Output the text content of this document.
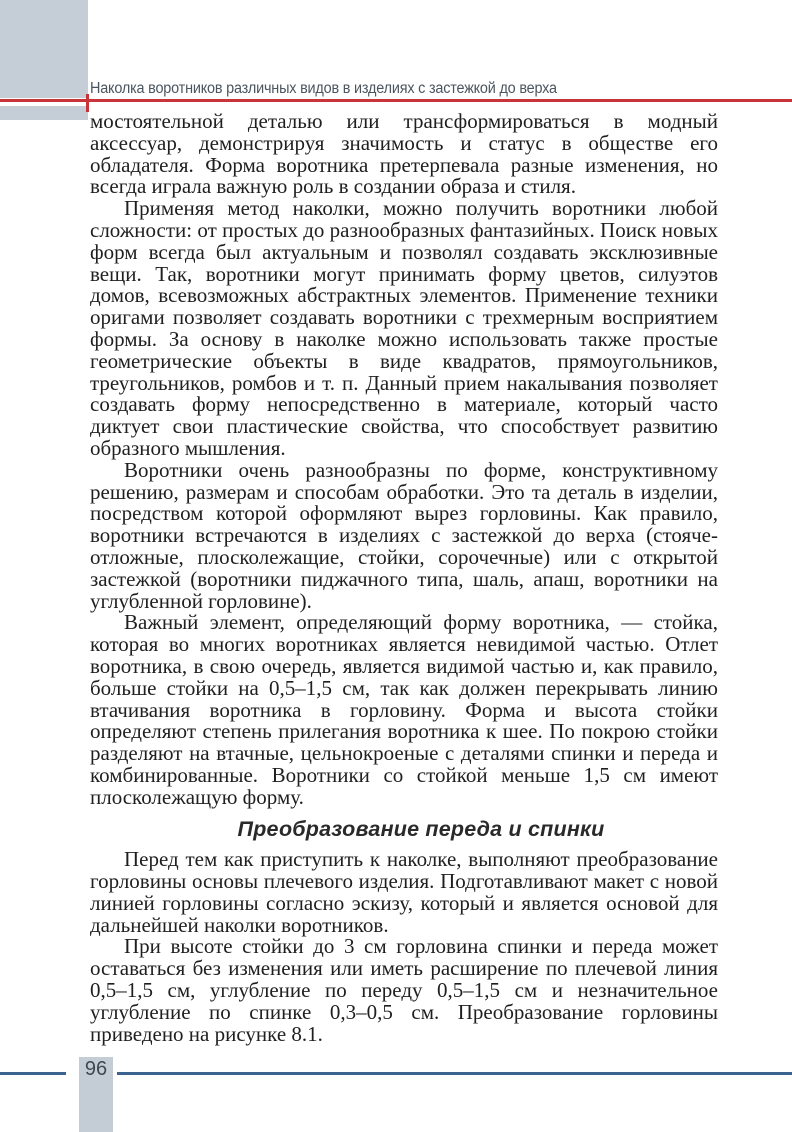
Наколка воротников различных видов в изделиях с застежкой до верха

мостоятельной деталью или трансформироваться в модный аксессуар, демонстрируя значимость и статус в обществе его обладателя. Форма воротника претерпевала разные изменения, но всегда играла важную роль в создании образа и стиля.

Применяя метод наколки, можно получить воротники любой сложности: от простых до разнообразных фантазийных. Поиск новых форм всегда был актуальным и позволял создавать эксклюзивные вещи. Так, воротники могут принимать форму цветов, силуэтов домов, всевозможных абстрактных элементов. Применение техники оригами позволяет создавать воротники с трехмерным восприятием формы. За основу в наколке можно использовать также простые геометрические объекты в виде квадратов, прямоугольников, треугольников, ромбов и т. п. Данный прием накалывания позволяет создавать форму непосредственно в материале, который часто диктует свои пластические свойства, что способствует развитию образного мышления.

Воротники очень разнообразны по форме, конструктивному решению, размерам и способам обработки. Это та деталь в изделии, посредством которой оформляют вырез горловины. Как правило, воротники встречаются в изделиях с застежкой до верха (стояче-отложные, плосколежащие, стойки, сорочечные) или с открытой застежкой (воротники пиджачного типа, шаль, апаш, воротники на углубленной горловине).

Важный элемент, определяющий форму воротника, — стойка, которая во многих воротниках является невидимой частью. Отлет воротника, в свою очередь, является видимой частью и, как правило, больше стойки на 0,5–1,5 см, так как должен перекрывать линию втачивания воротника в горловину. Форма и высота стойки определяют степень прилегания воротника к шее. По покрою стойки разделяют на втачные, цельнокроеные с деталями спинки и переда и комбинированные. Воротники со стойкой меньше 1,5 см имеют плосколежащую форму.

Преобразование переда и спинки

Перед тем как приступить к наколке, выполняют преобразование горловины основы плечевого изделия. Подготавливают макет с новой линией горловины согласно эскизу, который и является основой для дальнейшей наколки воротников.

При высоте стойки до 3 см горловина спинки и переда может оставаться без изменения или иметь расширение по плечевой линия 0,5–1,5 см, углубление по переду 0,5–1,5 см и незначительное углубление по спинке 0,3–0,5 см. Преобразование горловины приведено на рисунке 8.1.

96
